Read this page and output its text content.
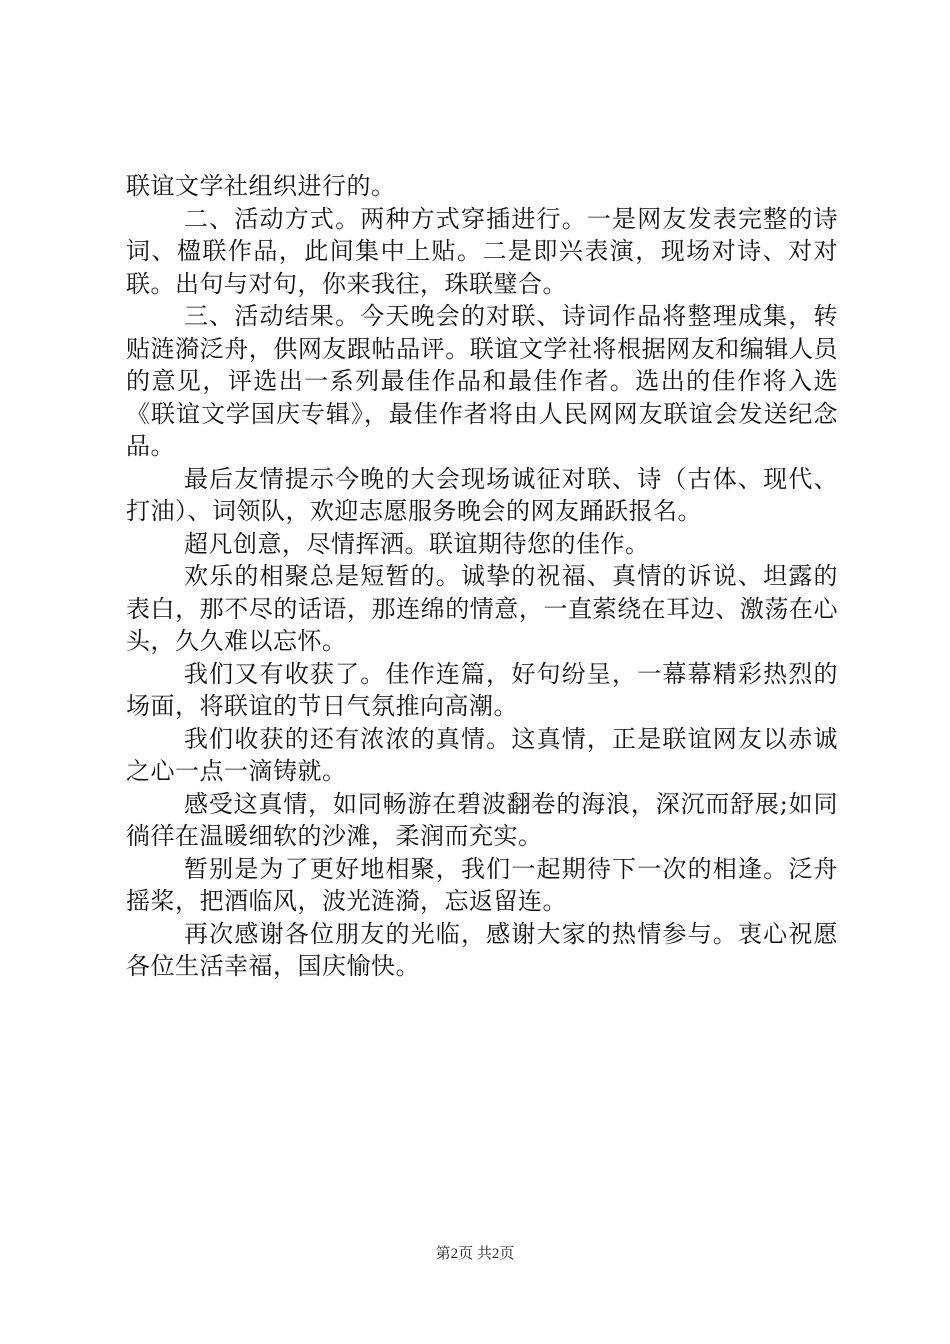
联谊文学社组织进行的。

二、活动方式。两种方式穿插进行。一是网友发表完整的诗词、楹联作品，此间集中上贴。二是即兴表演，现场对诗、对对联。出句与对句，你来我往，珠联璧合。

三、活动结果。今天晚会的对联、诗词作品将整理成集，转贴涟漪泛舟，供网友跟帖品评。联谊文学社将根据网友和编辑人员的意见，评选出一系列最佳作品和最佳作者。选出的佳作将入选《联谊文学国庆专辑》，最佳作者将由人民网网友联谊会发送纪念品。

最后友情提示今晚的大会现场诚征对联、诗（古体、现代、打油）、词领队，欢迎志愿服务晚会的网友踊跃报名。

超凡创意，尽情挥洒。联谊期待您的佳作。

欢乐的相聚总是短暂的。诚挚的祝福、真情的诉说、坦露的表白，那不尽的话语，那连绵的情意，一直萦绕在耳边、激荡在心头，久久难以忘怀。

我们又有收获了。佳作连篇，好句纷呈，一幕幕精彩热烈的场面，将联谊的节日气氛推向高潮。

我们收获的还有浓浓的真情。这真情，正是联谊网友以赤诚之心一点一滴铸就。

感受这真情，如同畅游在碧波翻卷的海浪，深沉而舒展;如同徜徉在温暖细软的沙滩，柔润而充实。

暂别是为了更好地相聚，我们一起期待下一次的相逢。泛舟摇桨，把酒临风，波光涟漪，忘返留连。

再次感谢各位朋友的光临，感谢大家的热情参与。衷心祝愿各位生活幸福，国庆愉快。

第2页 共2页
